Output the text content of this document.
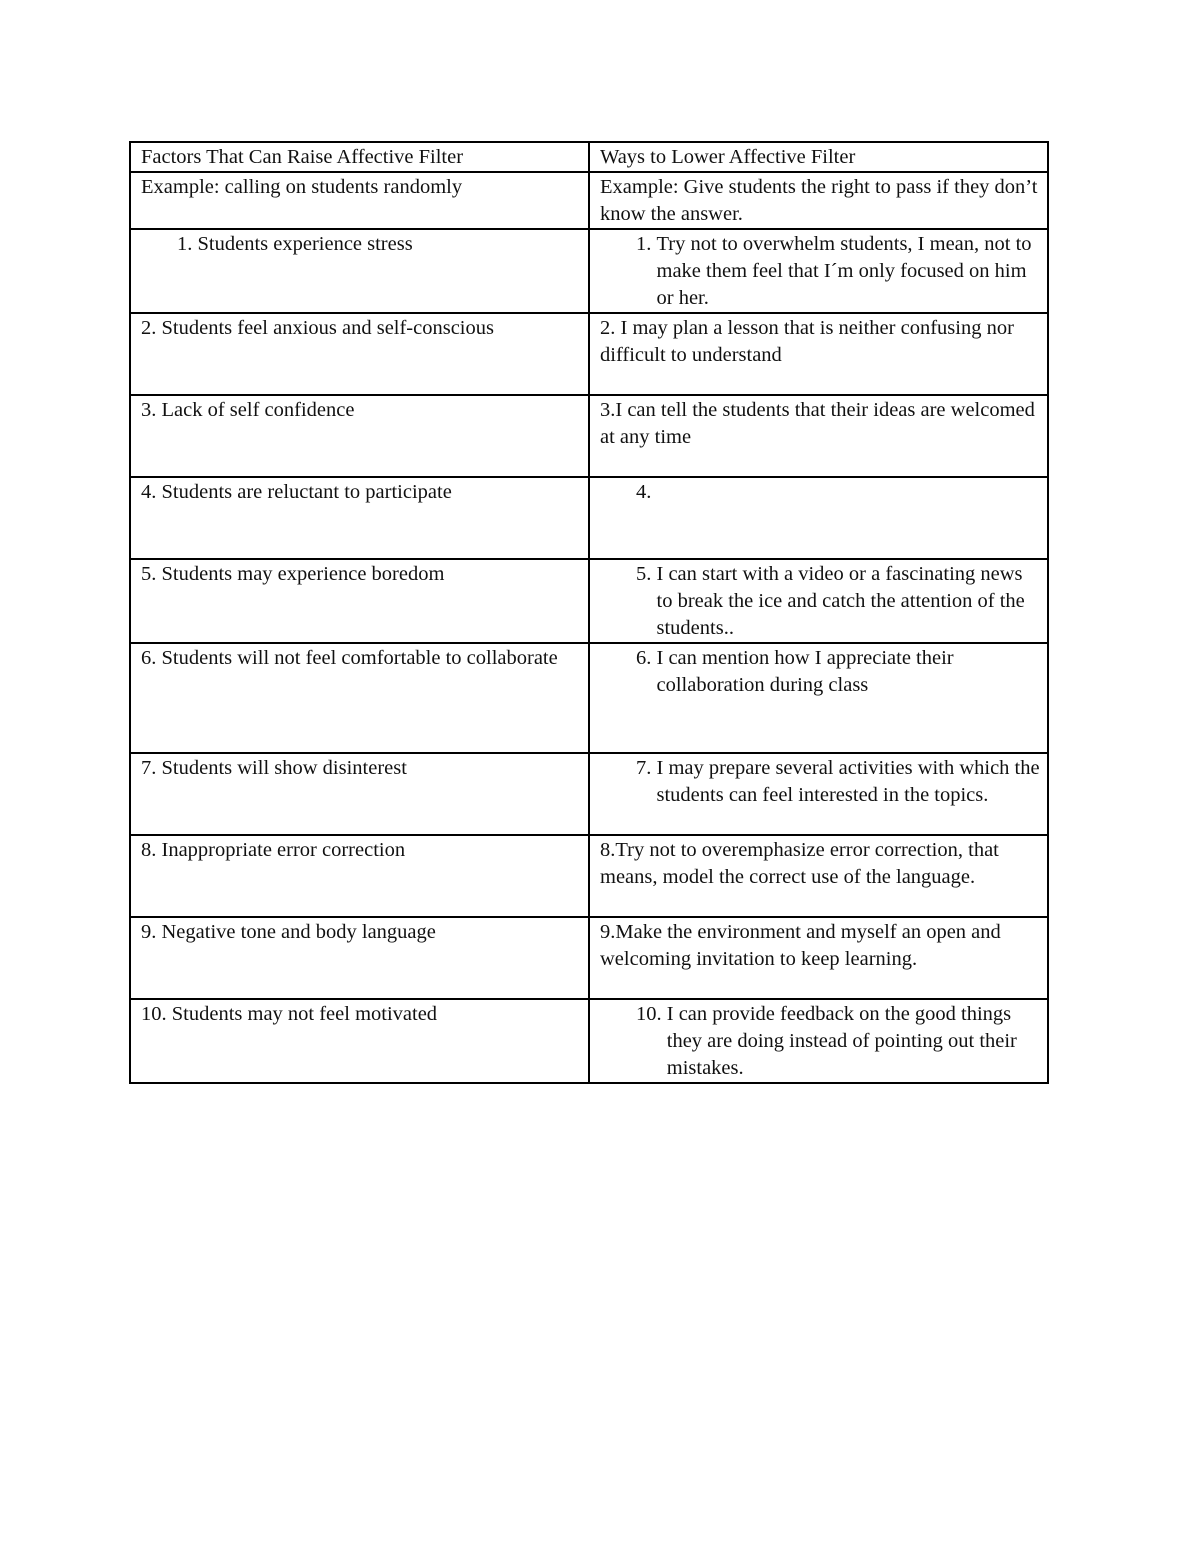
Factors That Can Raise Affective Filter	Ways to Lower Affective Filter
Example: calling on students randomly	Example: Give students the right to pass if they don’t know the answer.

1. Students experience stress	1. Try not to overwhelm students, I mean, not to make them feel that I´m only focused on him or her.

2. Students feel anxious and self-conscious	2. I may plan a lesson that is neither confusing nor difficult to understand
3. Lack of self confidence	3.I can tell the students that their ideas are welcomed at any time
4. Students are reluctant to participate	4.

5. Students may experience boredom	5. I can start with a video or a fascinating news to break the ice and catch the attention of the students..

6. Students will not feel comfortable to collaborate	6. I can mention how I appreciate their collaboration during class

7. Students will show disinterest	7. I may prepare several activities with which the students can feel interested in the topics.

8. Inappropriate error correction	8.Try not to overemphasize error correction, that means, model the correct use of the language.
9. Negative tone and body language	9.Make the environment and myself an open and welcoming invitation to keep learning.
10. Students may not feel motivated	10. I can provide feedback on the good things they are doing instead of pointing out their mistakes.
